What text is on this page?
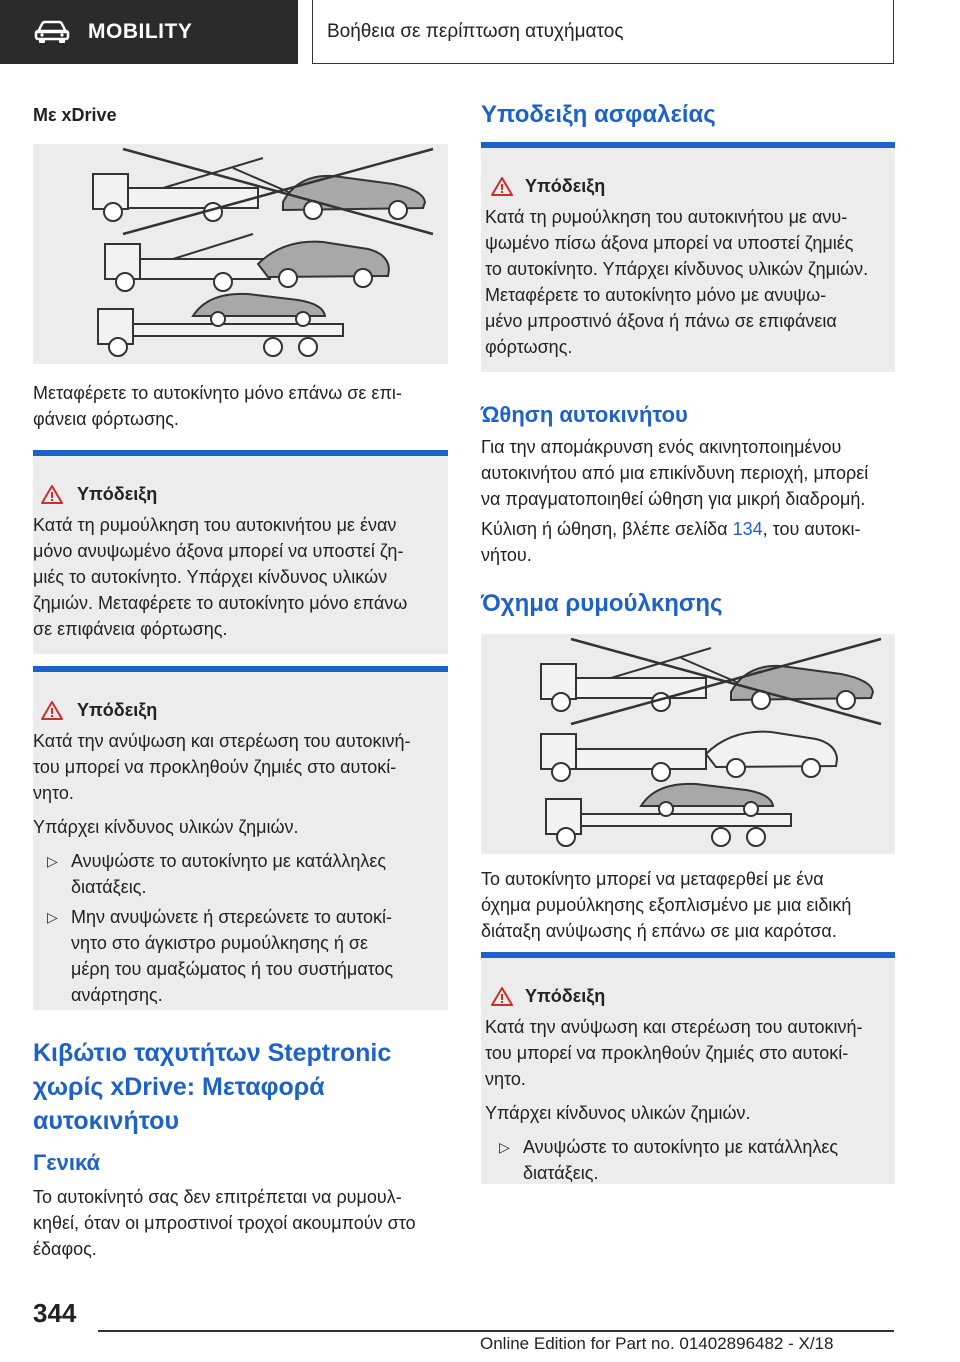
MOBILITY	Βοήθεια σε περίπτωση ατυχήματος
Με xDrive
Μεταφέρετε το αυτοκίνητο μόνο επάνω σε επι-
φάνεια φόρτωσης.
Υπόδειξη
Κατά τη ρυμούλκηση του αυτοκινήτου με έναν
μόνο ανυψωμένο άξονα μπορεί να υποστεί ζη-
μιές το αυτοκίνητο. Υπάρχει κίνδυνος υλικών
ζημιών. Μεταφέρετε το αυτοκίνητο μόνο επάνω
σε επιφάνεια φόρτωσης.
Υπόδειξη
Κατά την ανύψωση και στερέωση του αυτοκινή-
του μπορεί να προκληθούν ζημιές στο αυτοκί-
νητο.
Υπάρχει κίνδυνος υλικών ζημιών.
▷ Ανυψώστε το αυτοκίνητο με κατάλληλες
διατάξεις.
▷ Μην ανυψώνετε ή στερεώνετε το αυτοκί-
νητο στο άγκιστρο ρυμούλκησης ή σε
μέρη του αμαξώματος ή του συστήματος
ανάρτησης.
Κιβώτιο ταχυτήτων Steptronic
χωρίς xDrive: Μεταφορά
αυτοκινήτου
Γενικά
Το αυτοκίνητό σας δεν επιτρέπεται να ρυμουλ-
κηθεί, όταν οι μπροστινοί τροχοί ακουμπούν στο
έδαφος.
Υποδειξη ασφαλείας
Υπόδειξη
Κατά τη ρυμούλκηση του αυτοκινήτου με ανυ-
ψωμένο πίσω άξονα μπορεί να υποστεί ζημιές
το αυτοκίνητο. Υπάρχει κίνδυνος υλικών ζημιών.
Μεταφέρετε το αυτοκίνητο μόνο με ανυψω-
μένο μπροστινό άξονα ή πάνω σε επιφάνεια
φόρτωσης.
Ώθηση αυτοκινήτου
Για την απομάκρυνση ενός ακινητοποιημένου
αυτοκινήτου από μια επικίνδυνη περιοχή, μπορεί
να πραγματοποιηθεί ώθηση για μικρή διαδρομή.
Κύλιση ή ώθηση, βλέπε σελίδα 134, του αυτοκι-
νήτου.
Όχημα ρυμούλκησης
Το αυτοκίνητο μπορεί να μεταφερθεί με ένα
όχημα ρυμούλκησης εξοπλισμένο με μια ειδική
διάταξη ανύψωσης ή επάνω σε μια καρότσα.
Υπόδειξη
Κατά την ανύψωση και στερέωση του αυτοκινή-
του μπορεί να προκληθούν ζημιές στο αυτοκί-
νητο.
Υπάρχει κίνδυνος υλικών ζημιών.
▷ Ανυψώστε το αυτοκίνητο με κατάλληλες
διατάξεις.
344
Online Edition for Part no. 01402896482 - X/18
